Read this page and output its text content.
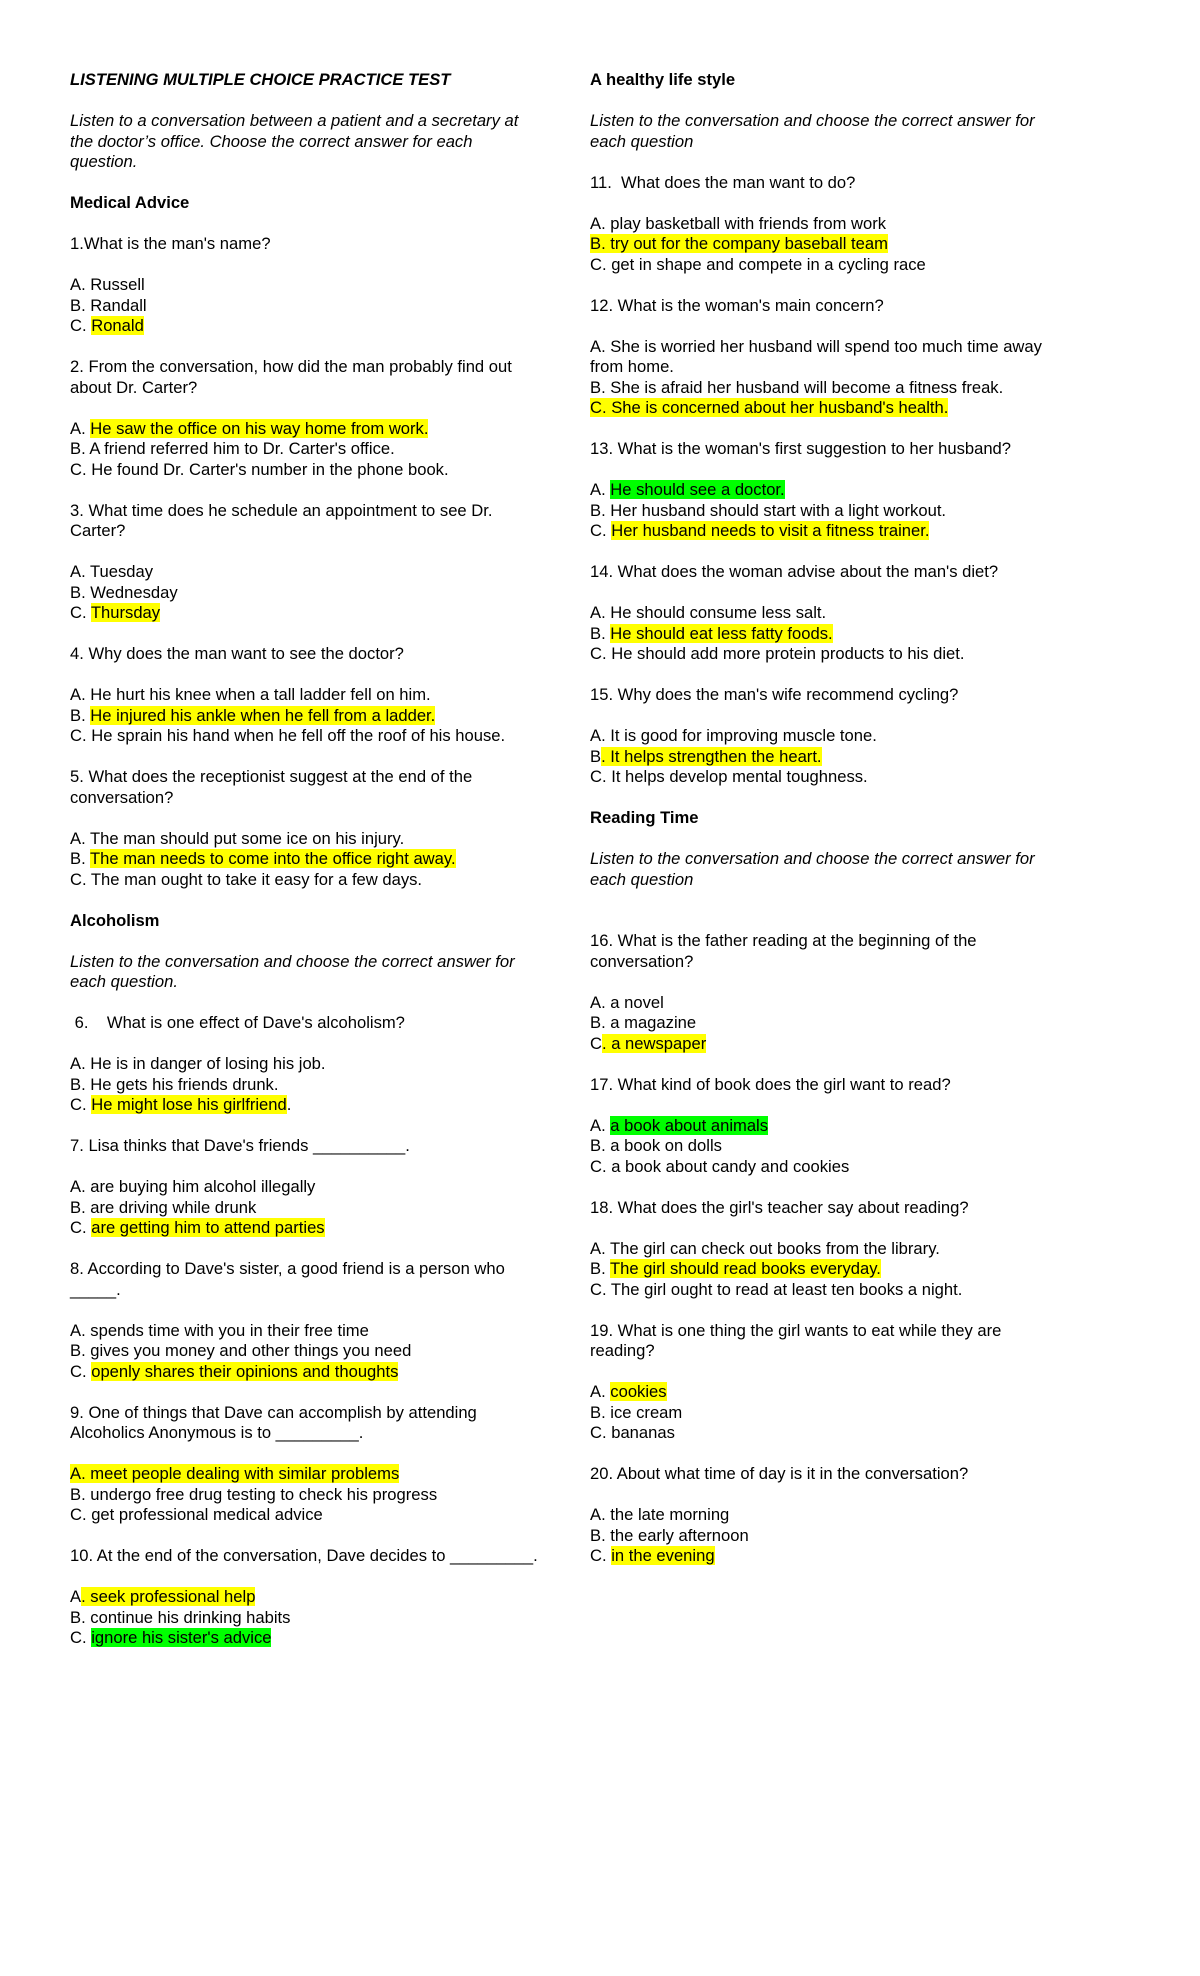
LISTENING MULTIPLE CHOICE PRACTICE TEST
Listen to a conversation between a patient and a secretary at the doctor’s office. Choose the correct answer for each question.
Medical Advice
1.What is the man's name?
A. Russell
B. Randall
C. Ronald
2. From the conversation, how did the man probably find out about Dr. Carter?
A. He saw the office on his way home from work.
B. A friend referred him to Dr. Carter's office.
C. He found Dr. Carter's number in the phone book.
3. What time does he schedule an appointment to see Dr. Carter?
A. Tuesday
B. Wednesday
C. Thursday
4. Why does the man want to see the doctor?
A. He hurt his knee when a tall ladder fell on him.
B. He injured his ankle when he fell from a ladder.
C. He sprain his hand when he fell off the roof of his house.
5. What does the receptionist suggest at the end of the conversation?
A. The man should put some ice on his injury.
B. The man needs to come into the office right away.
C. The man ought to take it easy for a few days.
Alcoholism
Listen to the conversation and choose the correct answer for each question.
6.    What is one effect of Dave's alcoholism?
A. He is in danger of losing his job.
B. He gets his friends drunk.
C. He might lose his girlfriend.
7. Lisa thinks that Dave's friends __________.
A. are buying him alcohol illegally
B. are driving while drunk
C. are getting him to attend parties
8. According to Dave's sister, a good friend is a person who _____.
A. spends time with you in their free time
B. gives you money and other things you need
C. openly shares their opinions and thoughts
9. One of things that Dave can accomplish by attending Alcoholics Anonymous is to _________.
A. meet people dealing with similar problems
B. undergo free drug testing to check his progress
C. get professional medical advice
10. At the end of the conversation, Dave decides to _________.
A. seek professional help
B. continue his drinking habits
C. ignore his sister's advice
A healthy life style
Listen to the conversation and choose the correct answer for each question
11.  What does the man want to do?
A. play basketball with friends from work
B. try out for the company baseball team
C. get in shape and compete in a cycling race
12. What is the woman's main concern?
A. She is worried her husband will spend too much time away from home.
B. She is afraid her husband will become a fitness freak.
C. She is concerned about her husband's health.
13. What is the woman's first suggestion to her husband?
A. He should see a doctor.
B. Her husband should start with a light workout.
C. Her husband needs to visit a fitness trainer.
14. What does the woman advise about the man's diet?
A. He should consume less salt.
B. He should eat less fatty foods.
C. He should add more protein products to his diet.
15. Why does the man's wife recommend cycling?
A. It is good for improving muscle tone.
B. It helps strengthen the heart.
C. It helps develop mental toughness.
Reading Time
Listen to the conversation and choose the correct answer for each question
16. What is the father reading at the beginning of the conversation?
A. a novel
B. a magazine
C. a newspaper
17. What kind of book does the girl want to read?
A. a book about animals
B. a book on dolls
C. a book about candy and cookies
18. What does the girl's teacher say about reading?
A. The girl can check out books from the library.
B. The girl should read books everyday.
C. The girl ought to read at least ten books a night.
19. What is one thing the girl wants to eat while they are reading?
A. cookies
B. ice cream
C. bananas
20. About what time of day is it in the conversation?
A. the late morning
B. the early afternoon
C. in the evening
